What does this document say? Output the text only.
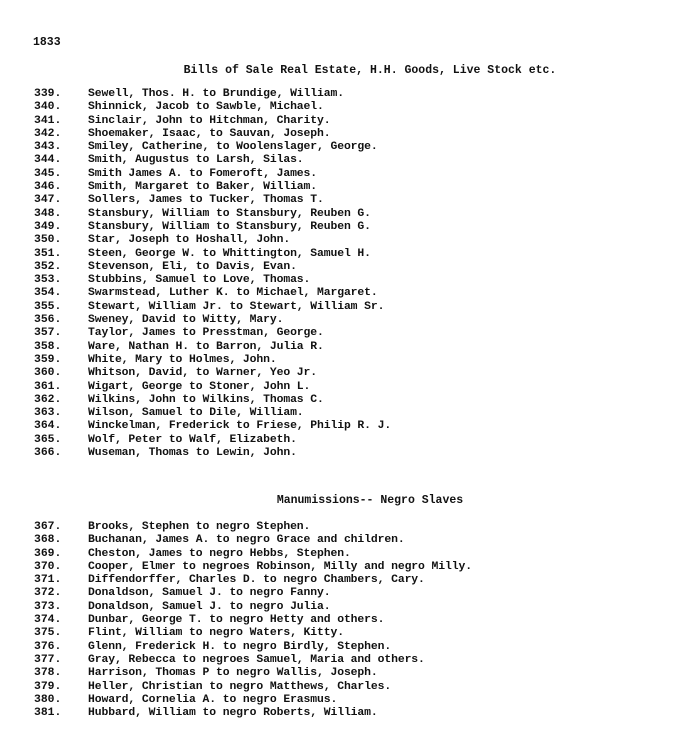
1833
Bills of Sale Real Estate, H.H. Goods, Live Stock etc.
339.	Sewell, Thos. H. to Brundige, William.
340.	Shinnick, Jacob to Sawble, Michael.
341.	Sinclair, John to Hitchman, Charity.
342.	Shoemaker, Isaac, to Sauvan, Joseph.
343.	Smiley, Catherine, to Woolenslager, George.
344.	Smith, Augustus to Larsh, Silas.
345.	Smith James A. to Fomeroft, James.
346.	Smith, Margaret to Baker, William.
347.	Sollers, James to Tucker, Thomas T.
348.	Stansbury, William to Stansbury, Reuben G.
349.	Stansbury, William to Stansbury, Reuben G.
350.	Star, Joseph to Hoshall, John.
351.	Steen, George W. to Whittington, Samuel H.
352.	Stevenson, Eli, to Davis, Evan.
353.	Stubbins, Samuel to Love, Thomas.
354.	Swarmstead, Luther K. to Michael, Margaret.
355.	Stewart, William Jr. to Stewart, William Sr.
356.	Sweney, David to Witty, Mary.
357.	Taylor, James to Presstman, George.
358.	Ware, Nathan H. to Barron, Julia R.
359.	White, Mary to Holmes, John.
360.	Whitson, David, to Warner, Yeo Jr.
361.	Wigart, George to Stoner, John L.
362.	Wilkins, John to Wilkins, Thomas C.
363.	Wilson, Samuel to Dile, William.
364.	Winckelman, Frederick to Friese, Philip R. J.
365.	Wolf, Peter to Walf, Elizabeth.
366.	Wuseman, Thomas to Lewin, John.
Manumissions-- Negro Slaves
367.	Brooks, Stephen to negro Stephen.
368.	Buchanan, James A. to negro Grace and children.
369.	Cheston, James to negro Hebbs, Stephen.
370.	Cooper, Elmer to negroes Robinson, Milly and negro Milly.
371.	Diffendorffer, Charles D. to negro Chambers, Cary.
372.	Donaldson, Samuel J. to negro Fanny.
373.	Donaldson, Samuel J. to negro Julia.
374.	Dunbar, George T. to negro Hetty and others.
375.	Flint, William to negro Waters, Kitty.
376.	Glenn, Frederick H. to negro Birdly, Stephen.
377.	Gray, Rebecca to negroes Samuel, Maria and others.
378.	Harrison, Thomas P to negro Wallis, Joseph.
379.	Heller, Christian to negro Matthews, Charles.
380.	Howard, Cornelia A. to negro Erasmus.
381.	Hubbard, William to negro Roberts, William.
